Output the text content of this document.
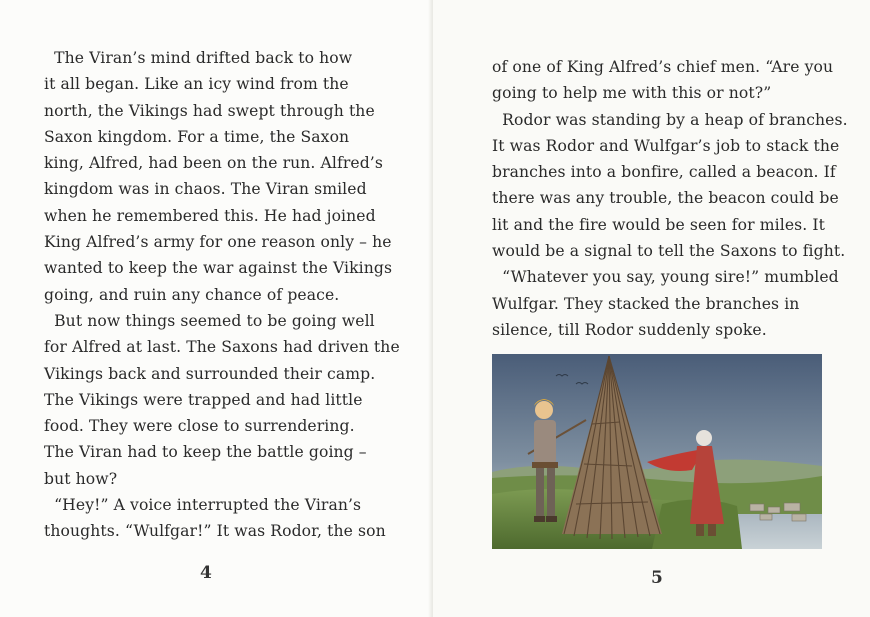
The Viran’s mind drifted back to how
it all began. Like an icy wind from the
north, the Vikings had swept through the
Saxon kingdom. For a time, the Saxon
king, Alfred, had been on the run. Alfred’s
kingdom was in chaos. The Viran smiled
when he remembered this. He had joined
King Alfred’s army for one reason only – he
wanted to keep the war against the Vikings
going, and ruin any chance of peace.
But now things seemed to be going well
for Alfred at last. The Saxons had driven the
Vikings back and surrounded their camp.
The Vikings were trapped and had little
food. They were close to surrendering.
The Viran had to keep the battle going –
but how?
“Hey!” A voice interrupted the Viran’s
thoughts. “Wulfgar!” It was Rodor, the son
4
of one of King Alfred’s chief men. “Are you
going to help me with this or not?”
Rodor was standing by a heap of branches.
It was Rodor and Wulfgar’s job to stack the
branches into a bonfire, called a beacon. If
there was any trouble, the beacon could be
lit and the fire would be seen for miles. It
would be a signal to tell the Saxons to fight.
“Whatever you say, young sire!” mumbled
Wulfgar. They stacked the branches in
silence, till Rodor suddenly spoke.
5
